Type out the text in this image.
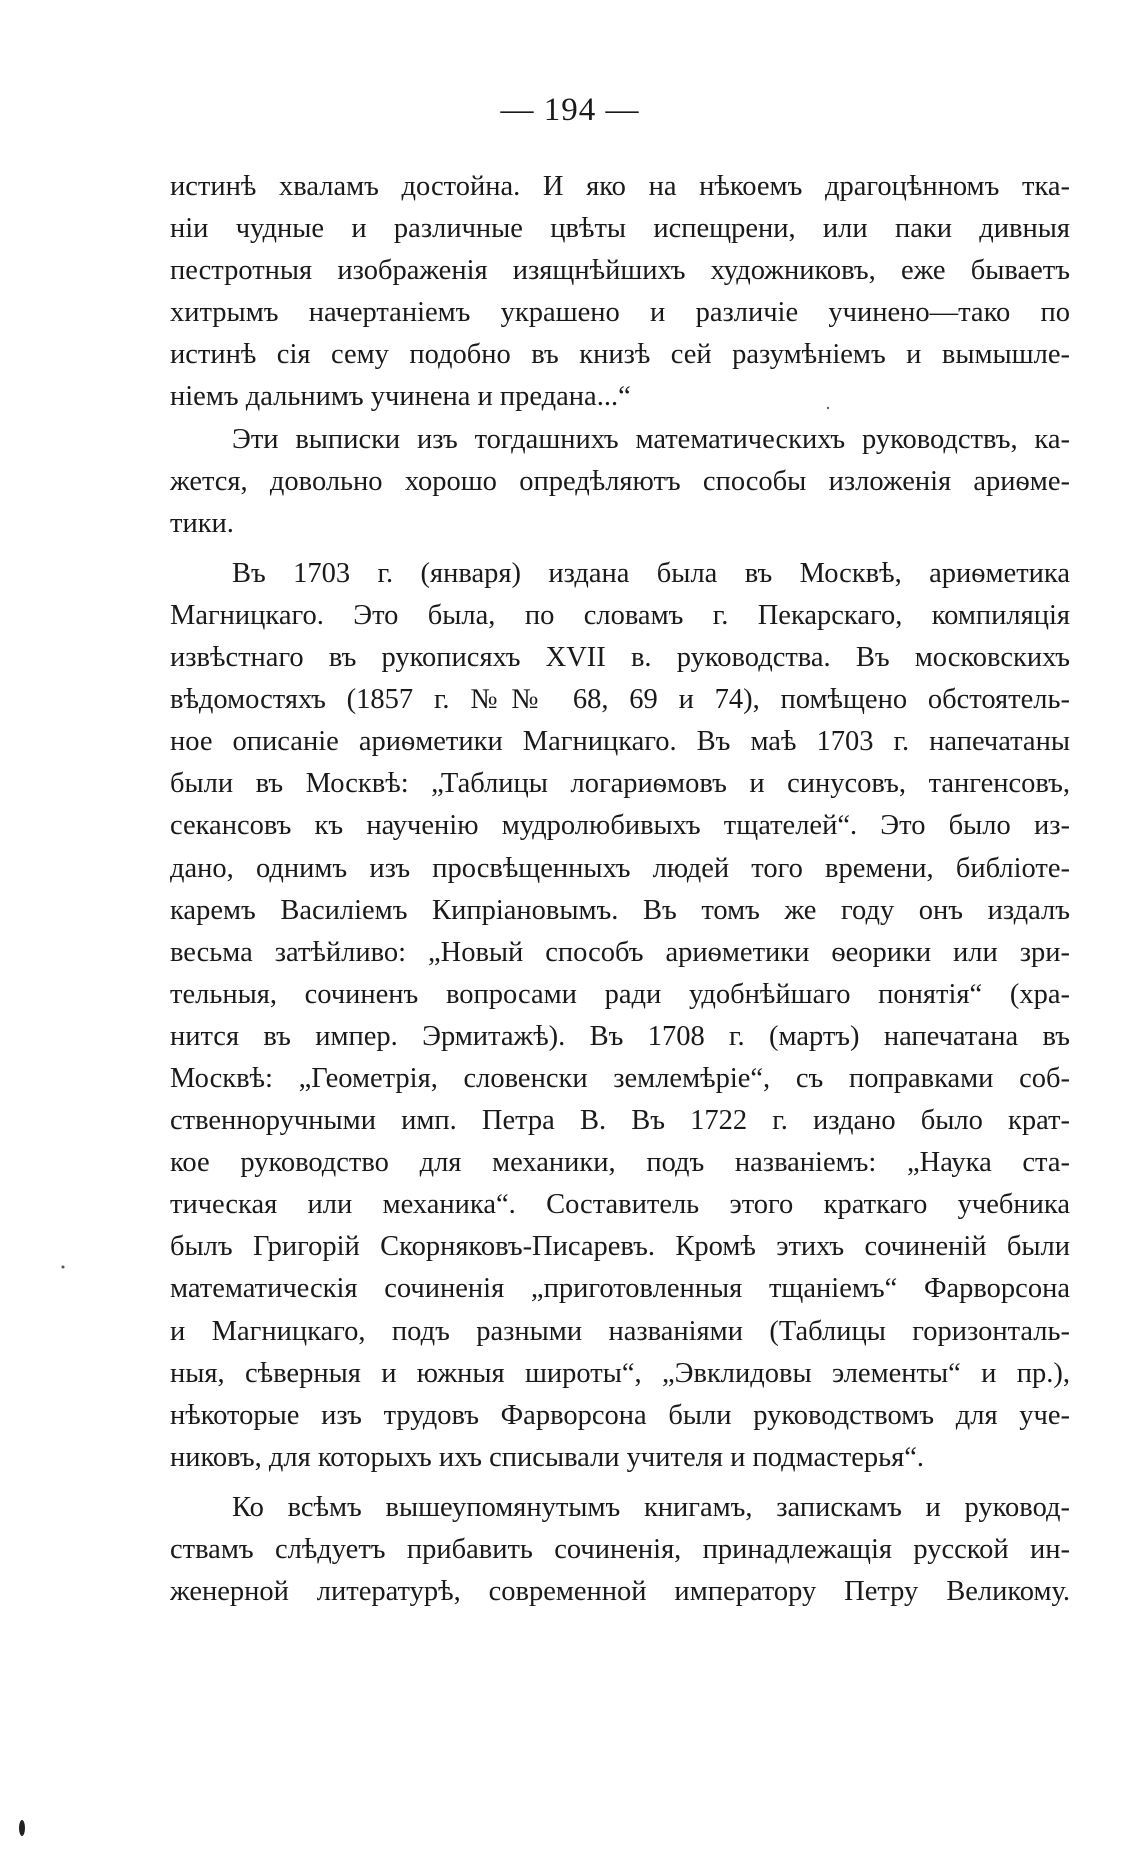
— 194 —
истинѣ хваламъ достойна. И яко на нѣкоемъ драгоцѣнномъ тка-
ніи чудные и различные цвѣты испещрени, или паки дивныя
пестротныя изображенія изящнѣйшихъ художниковъ, еже бываетъ
хитрымъ начертаніемъ украшено и различіе учинено—тако по
истинѣ сія сему подобно въ книзѣ сей разумѣніемъ и вымышле-
ніемъ дальнимъ учинена и предана...“
Эти выписки изъ тогдашнихъ математическихъ руководствъ, ка-
жется, довольно хорошо опредѣляютъ способы изложенія ариѳме-
тики.
Въ 1703 г. (января) издана была въ Москвѣ, ариѳметика
Магницкаго. Это была, по словамъ г. Пекарскаго, компиляція
извѣстнаго въ рукописяхъ XVII в. руководства. Въ московскихъ
вѣдомостяхъ (1857 г. №№ 68, 69 и 74), помѣщено обстоятель-
ное описаніе ариѳметики Магницкаго. Въ маѣ 1703 г. напечатаны
были въ Москвѣ: „Таблицы логариѳмовъ и синусовъ, тангенсовъ,
секансовъ къ наученію мудролюбивыхъ тщателей“. Это было из-
дано, однимъ изъ просвѣщенныхъ людей того времени, библіоте-
каремъ Василіемъ Кипріановымъ. Въ томъ же году онъ издалъ
весьма затѣйливо: „Новый способъ ариѳметики ѳеорики или зри-
тельныя, сочиненъ вопросами ради удобнѣйшаго понятія“ (хра-
нится въ импер. Эрмитажѣ). Въ 1708 г. (мартъ) напечатана въ
Москвѣ: „Геометрія, словенски землемѣріе“, съ поправками соб-
ственноручными имп. Петра В. Въ 1722 г. издано было крат-
кое руководство для механики, подъ названіемъ: „Наука ста-
тическая или механика“. Составитель этого краткаго учебника
былъ Григорій Скорняковъ-Писаревъ. Кромѣ этихъ сочиненій были
математическія сочиненія „приготовленныя тщаніемъ“ Фарворсона
и Магницкаго, подъ разными названіями (Таблицы горизонталь-
ныя, сѣверныя и южныя широты“, „Эвклидовы элементы“ и пр.),
нѣкоторые изъ трудовъ Фарворсона были руководствомъ для уче-
никовъ, для которыхъ ихъ списывали учителя и подмастерья“.
Ко всѣмъ вышеупомянутымъ книгамъ, запискамъ и руковод-
ствамъ слѣдуетъ прибавить сочиненія, принадлежащія русской ин-
женерной литературѣ, современной императору Петру Великому.
